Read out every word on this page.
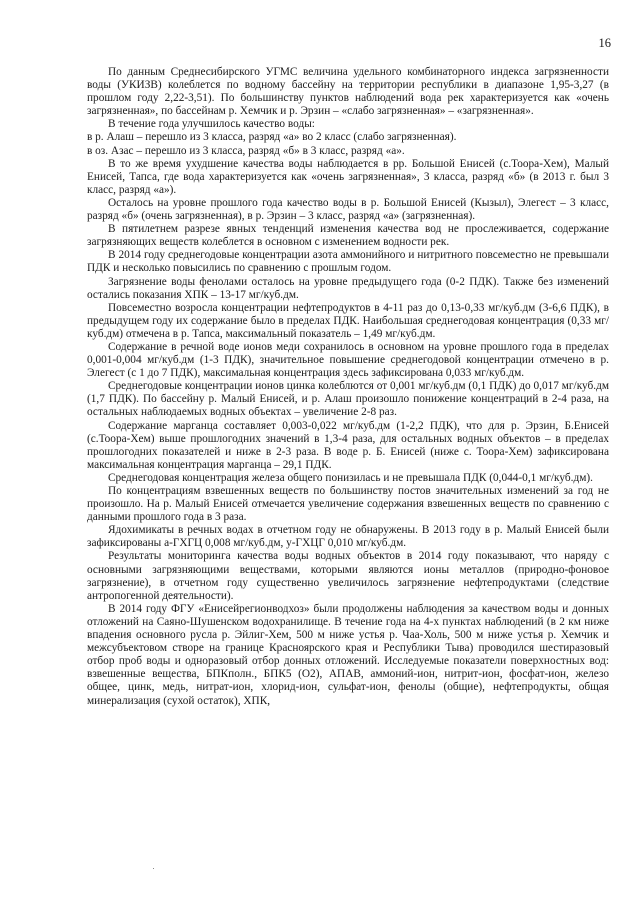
16

По данным Среднесибирского УГМС величина удельного комбинаторного индекса загрязненности воды (УКИЗВ) колеблется по водному бассейну на территории республики в диапазоне 1,95-3,27 (в прошлом году 2,22-3,51). По большинству пунктов наблюдений вода рек характеризуется как «очень загрязненная», по бассейнам р. Хемчик и р. Эрзин – «слабо загрязненная» – «загрязненная».

В течение года улучшилось качество воды:

в р. Алаш – перешло из 3 класса, разряд «а» во 2 класс (слабо загрязненная).

в оз. Азас – перешло из 3 класса, разряд «б» в 3 класс, разряд «а».

В то же время ухудшение качества воды наблюдается в рр. Большой Енисей (с.Тоора-Хем), Малый Енисей, Тапса, где вода характеризуется как «очень загрязненная», 3 класса, разряд «б» (в 2013 г. был 3 класс, разряд «а»).

Осталось на уровне прошлого года качество воды в р. Большой Енисей (Кызыл), Элегест – 3 класс, разряд «б» (очень загрязненная), в р. Эрзин – 3 класс, разряд «а» (загрязненная).

В пятилетнем разрезе явных тенденций изменения качества вод не прослеживается, содержание загрязняющих веществ колеблется в основном с изменением водности рек.

В 2014 году среднегодовые концентрации азота аммонийного и нитритного повсеместно не превышали ПДК и несколько повысились по сравнению с прошлым годом.

Загрязнение воды фенолами осталось на уровне предыдущего года (0-2 ПДК). Также без изменений остались показания ХПК – 13-17 мг/куб.дм.

Повсеместно возросла концентрации нефтепродуктов в 4-11 раз до 0,13-0,33 мг/куб.дм (3-6,6 ПДК), в предыдущем году их содержание было в пределах ПДК. Наибольшая среднегодовая концентрация (0,33 мг/куб.дм) отмечена в р. Тапса, максимальный показатель – 1,49 мг/куб.дм.

Содержание в речной воде ионов меди сохранилось в основном на уровне прошлого года в пределах 0,001-0,004 мг/куб.дм (1-3 ПДК), значительное повышение среднегодовой концентрации отмечено в р. Элегест (с 1 до 7 ПДК), максимальная концентрация здесь зафиксирована 0,033 мг/куб.дм.

Среднегодовые концентрации ионов цинка колеблются от 0,001 мг/куб.дм (0,1 ПДК) до 0,017 мг/куб.дм (1,7 ПДК). По бассейну р. Малый Енисей, и р. Алаш произошло понижение концентраций в 2-4 раза, на остальных наблюдаемых водных объектах – увеличение 2-8 раз.

Содержание марганца составляет 0,003-0,022 мг/куб.дм (1-2,2 ПДК), что для р. Эрзин, Б.Енисей (с.Тоора-Хем) выше прошлогодних значений в 1,3-4 раза, для остальных водных объектов – в пределах прошлогодних показателей и ниже в 2-3 раза. В воде р. Б. Енисей (ниже с. Тоора-Хем) зафиксирована максимальная концентрация марганца – 29,1 ПДК.

Среднегодовая концентрация железа общего понизилась и не превышала ПДК (0,044-0,1 мг/куб.дм).

По концентрациям взвешенных веществ по большинству постов значительных изменений за год не произошло. На р. Малый Енисей отмечается увеличение содержания взвешенных веществ по сравнению с данными прошлого года в 3 раза.

Ядохимикаты в речных водах в отчетном году не обнаружены. В 2013 году в р. Малый Енисей были зафиксированы а-ГХГЦ 0,008 мг/куб.дм, у-ГХЦГ 0,010 мг/куб.дм.

Результаты мониторинга качества воды водных объектов в 2014 году показывают, что наряду с основными загрязняющими веществами, которыми являются ионы металлов (природно-фоновое загрязнение), в отчетном году существенно увеличилось загрязнение нефтепродуктами (следствие антропогенной деятельности).

В 2014 году ФГУ «Енисейрегионводхоз» были продолжены наблюдения за качеством воды и донных отложений на Саяно-Шушенском водохранилище. В течение года на 4-х пунктах наблюдений (в 2 км ниже впадения основного русла р. Эйлиг-Хем, 500 м ниже устья р. Чаа-Холь, 500 м ниже устья р. Хемчик и межсубъектовом створе на границе Красноярского края и Республики Тыва) проводился шестиразовый отбор проб воды и одноразовый отбор донных отложений. Исследуемые показатели поверхностных вод: взвешенные вещества, БПКполн., БПК5 (О2), АПАВ, аммоний-ион, нитрит-ион, фосфат-ион, железо общее, цинк, медь, нитрат-ион, хлорид-ион, сульфат-ион, фенолы (общие), нефтепродукты, общая минерализация (сухой остаток), ХПК,
